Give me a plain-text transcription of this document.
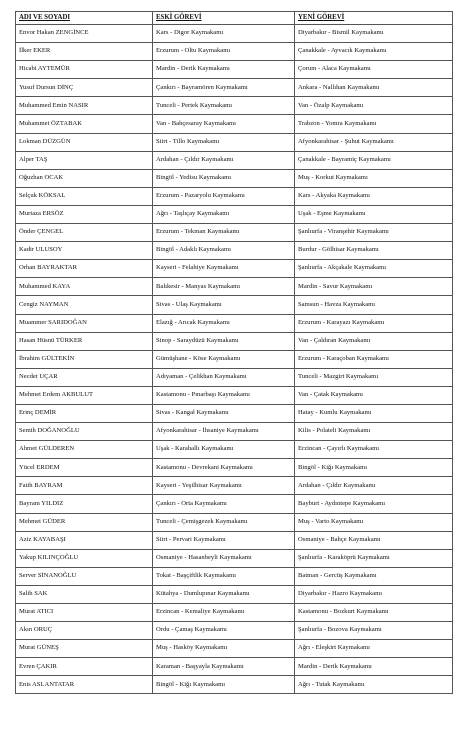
ADI VE SOYADI	ESKİ GÖREVİ	YENİ GÖREVİ
Envor Hakan ZENGİNCE	Kars - Digor Kaymakamı	Diyarbakır - Bismil Kaymakamı
İlker EKER	Erzurum - Oltu Kaymakamı	Çanakkale - Ayvacık Kaymakamı
Hicabi AYTEMÜR	Mardin - Derik Kaymakamı	Çorum - Alaca Kaymakamı
Yusuf Dursun DİNÇ	Çankırı - Bayramören Kaymakamı	Ankara - Nallıhan Kaymakamı
Muhammed Emin NASIR	Tunceli - Pertek Kaymakamı	Van - Özalp Kaymakamı
Muhammet ÖZTABAK	Van - Bahçesaray Kaymakamı	Trabzon - Yomra Kaymakamı
Lokman DÜZGÜN	Siirt - Tillo Kaymakamı	Afyonkarahisar - Şuhut Kaymakamı
Alper TAŞ	Ardahan - Çıldır Kaymakamı	Çanakkale - Bayramiç Kaymakamı
Oğuzhan OCAK	Bingöl - Yedisu Kaymakamı	Muş - Korkut Kaymakamı
Selçuk KÖKSAL	Erzurum - Pazaryolu Kaymakamı	Kars - Akyaka Kaymakamı
Murtaza ERSÖZ	Ağrı - Taşlıçay Kaymakamı	Uşak - Eşme Kaymakamı
Önder ÇENGEL	Erzurum - Tekman Kaymakamı	Şanlıurfa - Viranşehir Kaymakamı
Kadir ULUSOY	Bingöl - Adaklı Kaymakamı	Burdur - Gölhisar Kaymakamı
Orhan BAYRAKTAR	Kayseri - Felahiye Kaymakamı	Şanlıurfa - Akçakale Kaymakamı
Muhammed KAYA	Balıkesir - Manyas Kaymakamı	Mardin - Savur Kaymakamı
Cengiz NAYMAN	Sivas - Ulaş Kaymakamı	Samsun - Havza Kaymakamı
Muammer SARIDOĞAN	Elazığ - Arıcak Kaymakamı	Erzurum - Karayazı Kaymakamı
Hasan Hüsnü TÜRKER	Sinop - Saraydüzü Kaymakamı	Van - Çaldıran Kaymakamı
İbrahim GÜLTEKİN	Gümüşhane - Köse Kaymakamı	Erzurum - Karaçoban Kaymakamı
Necdet UÇAR	Adıyaman - Çelikhan Kaymakamı	Tunceli - Mazgirt Kaymakamı
Mehmet Erdem AKBULUT	Kastamonu - Pınarbaşı Kaymakamı	Van - Çatak Kaymakamı
Erinç DEMİR	Sivas - Kangal Kaymakamı	Hatay - Kumlu Kaymakamı
Semih DOĞANOĞLU	Afyonkarahisar - İhsaniye Kaymakamı	Kilis - Polateli Kaymakamı
Ahmet GÜLDEREN	Uşak - Karahallı Kaymakamı	Erzincan - Çayırlı Kaymakamı
Yücel ERDEM	Kastamonu - Devrekani Kaymakamı	Bingöl - Kiğı Kaymakamı
Fatih BAYRAM	Kayseri - Yeşilhisar Kaymakamı	Ardahan - Çıldır Kaymakamı
Bayram YILDIZ	Çankırı - Orta Kaymakamı	Bayburt - Aydıntepe Kaymakamı
Mehmet GÜDER	Tunceli - Çemişgezek Kaymakamı	Muş - Varto Kaymakamı
Aziz KAYABAŞI	Siirt - Pervari Kaymakamı	Osmaniye - Bahçe Kaymakamı
Yakup KILINÇOĞLU	Osmaniye - Hasanbeyli Kaymakamı	Şanlıurfa - Karaköprü Kaymakamı
Server SİNANOĞLU	Tokat - Başçiftlik Kaymakamı	Batman - Gercüş Kaymakamı
Salih SAK	Kütahya - Dumlupınar Kaymakamı	Diyarbakır - Hazro Kaymakamı
Murat ATICI	Erzincan - Kemaliye Kaymakamı	Kastamonu - Bozkurt Kaymakamı
Akın ORUÇ	Ordu - Çamaş Kaymakamı	Şanlıurfa - Bozova Kaymakamı
Murat GÜNEŞ	Muş - Hasköy Kaymakamı	Ağrı - Eleşkirt Kaymakamı
Evren ÇAKIR	Karaman - Başyayla Kaymakamı	Mardin - Derik Kaymakamı
Enis ASLANTATAR	Bingöl - Kiğı Kaymakamı	Ağrı - Tutak Kaymakamı
